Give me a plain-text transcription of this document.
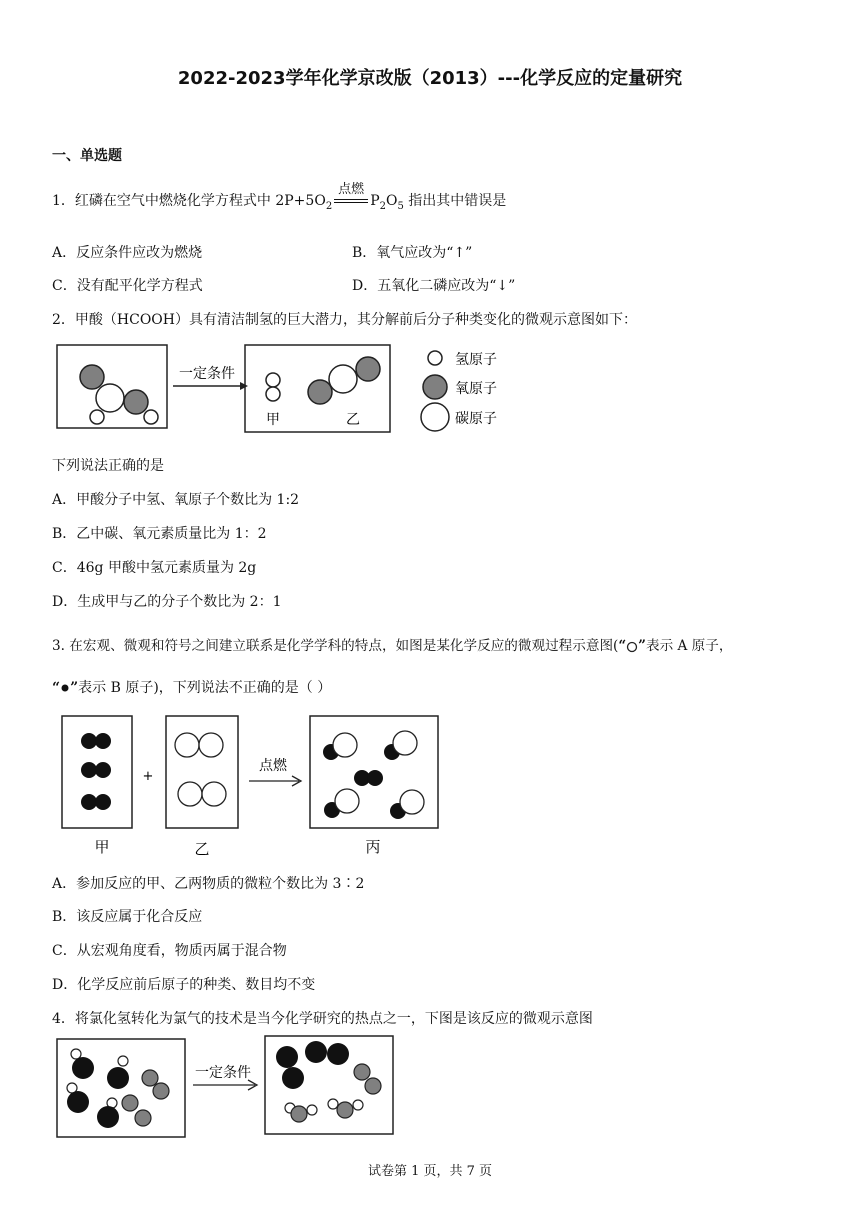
2022-2023学年化学京改版（2013）---化学反应的定量研究
一、单选题
1．红磷在空气中燃烧化学方程式中 $2P+5O_2$
点燃
$P_2O_5$ 指出其中错误是
A．反应条件应改为燃烧	B．氧气应改为“↑”
C．没有配平化学方程式	D．五氧化二磷应改为“↓”
2．甲酸（HCOOH）具有清洁制氢的巨大潜力，其分解前后分子种类变化的微观示意图如下：
一定条件
甲	乙
氢原子
氧原子
碳原子
下列说法正确的是
A．甲酸分子中氢、氧原子个数比为 1:2
B．乙中碳、氧元素质量比为 1：2
C．46g 甲酸中氢元素质量为 2g
D．生成甲与乙的分子个数比为 2：1
3. 在宏观、微观和符号之间建立联系是化学学科的特点，如图是某化学反应的微观过程示意图(“ ”表示 A 原子，
“ ”表示 B 原子)，下列说法不正确的是（ ）
+
点燃
甲	乙	丙
A．参加反应的甲、乙两物质的微粒个数比为 3∶2
B．该反应属于化合反应
C．从宏观角度看，物质丙属于混合物
D．化学反应前后原子的种类、数目均不变
4．将氯化氢转化为氯气的技术是当今化学研究的热点之一，下图是该反应的微观示意图
一定条件
试卷第 1 页，共 7 页
